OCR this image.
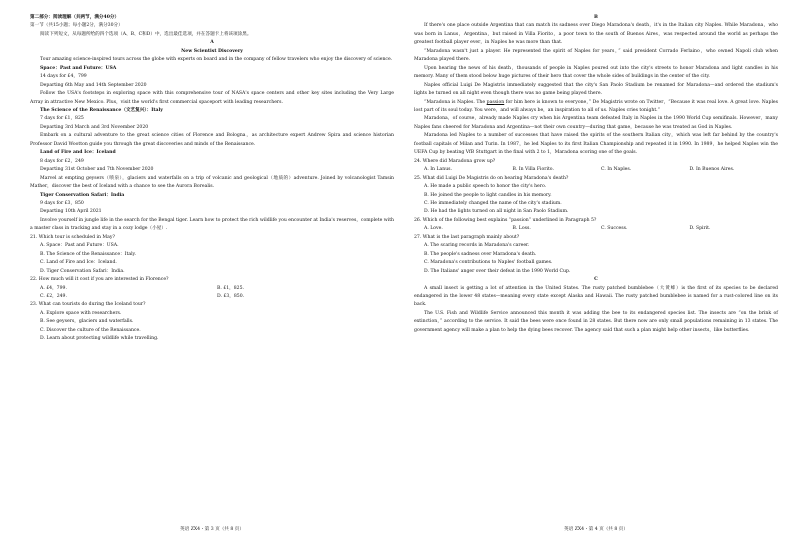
第二部分：阅读理解（共两节，满分40分）

第一节（共15小题；每小题2分，满分30分）

阅读下列短文，从每题所给的四个选项（A、B、C和D）中，选出最佳选项，并在答题卡上将该项涂黑。

A

New Scientist Discovery

Tour amazing science-inspired tours across the globe with experts on board and in the company of fellow travelers who enjoy the discovery of science.

Space：Past and Future：USA

14 days for £4，799

Departing 6th May and 14th September 2020

Follow the USA's footsteps in exploring space with this comprehensive tour of NASA's space centers and other key sites including the Very Large Array in attractive New Mexico. Plus，visit the world's first commercial spaceport with leading researchers.

The Science of the Renaissance（文艺复兴）：Italy

7 days for £1，825

Departing 3rd March and 3rd November 2020

Embark on a cultural adventure to the great science cities of Florence and Bologna，as architecture expert Andrew Spira and science historian Professor David Wootton guide you through the great discoveries and minds of the Renaissance.

Land of Fire and Ice：Iceland

8 days for £2，249

Departing 31st October and 7th November 2020

Marvel at empting geysers（喷泉），glaciers and waterfalls on a trip of volcanic and geological（地质的）adventure. Joined by volcanologist Tamsin Mather，discover the best of Iceland with a chance to see the Aurora Borealis.

Tiger Conservation Safari：India

9 days for £3，850

Departing 10th April 2021

Involve yourself in jungle life in the search for the Bengal tiger. Learn how to protect the rich wildlife you encounter at India's reserves，complete with a master class in tracking and stay in a cozy lodge（小屋）.

21. Which tour is scheduled in May?

A. Space：Past and Future：USA.

B. The Science of the Renaissance：Italy.

C. Land of Fire and Ice：Iceland.

D. Tiger Conservation Safari：India.

22. How much will it cost if you are interested in Florence?

A. £4，799.	B. £1，825.
C. £2，249.	D. £3，850.

23. What can tourists do during the Iceland tour?

A. Explore space with researchers.

B. See geysers，glaciers and waterfalls.

C. Discover the culture of the Renaissance.

D. Learn about protecting wildlife while travelling.

英语 ZX4・第 3 页（共 8 页）

B

If there's one place outside Argentina that can match its sadness over Diego Maradona's death，it's in the Italian city Naples. While Maradona，who was born in Lanus，Argentina，but raised in Villa Fiorito，a poor town to the south of Buenos Aires，was respected around the world as perhaps the greatest football player ever，in Naples he was more than that.

“Maradona wasn't just a player. He represented the spirit of Naples for years，” said president Corrado Ferlaino，who owned Napoli club when Maradona played there.

Upon hearing the news of his death，thousands of people in Naples poured out into the city's streets to honor Maradona and light candles in his memory. Many of them stood below huge pictures of their hero that cover the whole sides of buildings in the center of the city.

Naples official Luigi De Magistris immediately suggested that the city's San Paolo Stadium be renamed for Maradona—and ordered the stadium's lights be turned on all night even though there was no game being played there.

“Maradona is Naples. The passion for him here is known to everyone，” De Magistris wrote on Twitter，“Because it was real love. A great love. Naples lost part of its soul today. You were，and will always be，an inspiration to all of us. Naples cries tonight.”

Maradona，of course，already made Naples cry when his Argentina team defeated Italy in Naples in the 1990 World Cup semifinals. However，many Naples fans cheered for Maradona and Argentina—not their own country—during that game，because he was treated as God in Naples.

Maradona led Naples to a number of successes that have raised the spirits of the southern Italian city，which was left far behind by the country's football capitals of Milan and Turin. In 1987，he led Naples to its first Italian Championship and repeated it in 1990. In 1989，he helped Naples win the UEFA Cup by beating VfB Stuttgart in the final with 2 to 1，Maradona scoring one of the goals.

24. Where did Maradona grow up?

A. In Lanus.	B. In Villa Fiorito.	C. In Naples.	D. In Buenos Aires.

25. What did Luigi De Magistris do on hearing Maradona's death?

A. He made a public speech to honor the city's hero.

B. He joined the people to light candles in his memory.

C. He immediately changed the name of the city's stadium.

D. He had the lights turned on all night in San Paolo Stadium.

26. Which of the following best explains “passion” underlined in Paragraph 5?

A. Love.	B. Loss.	C. Success.	D. Spirit.

27. What is the last paragraph mainly about?

A. The scaring records in Maradona's career.

B. The people's sadness over Maradona's death.

C. Maradona's contributions to Naples' football games.

D. The Italians' anger over their defeat in the 1990 World Cup.

C

A small insect is getting a lot of attention in the United States. The rusty patched bumblebee（大黄蜂）is the first of its species to be declared endangered in the lower 48 states—meaning every state except Alaska and Hawaii. The rusty patched bumblebee is named for a rust-colored line on its back.

The U.S. Fish and Wildlife Service announced this month it was adding the bee to its endangered species list. The insects are “on the brink of extinction，” according to the service. It said the bees were once found in 28 states. But there now are only small populations remaining in 13 states. The government agency will make a plan to help the dying bees recover. The agency said that such a plan might help other insects，like butterflies.

英语 ZX4・第 4 页（共 8 页）
